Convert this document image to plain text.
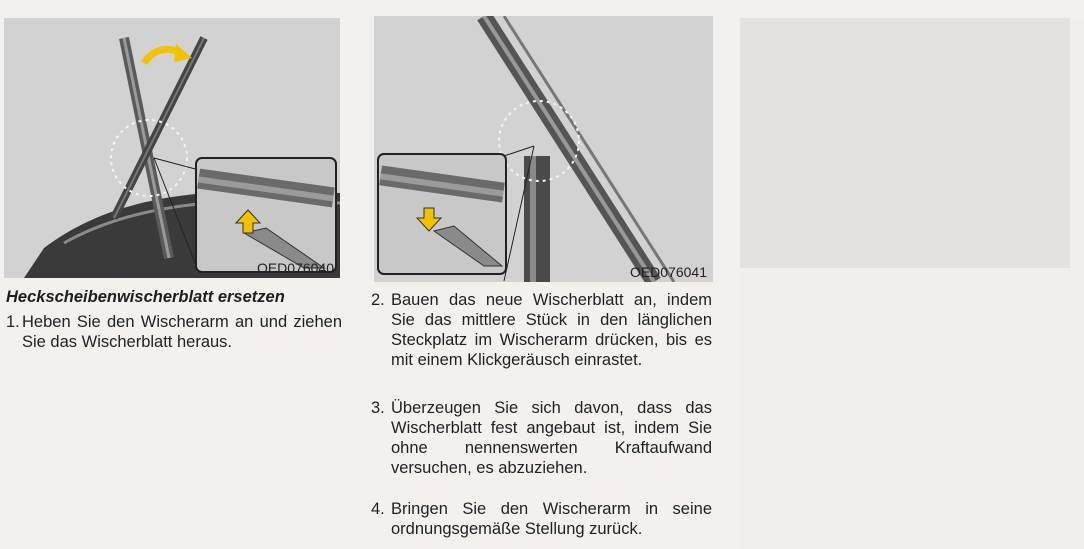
OED076040	OED076041
Heckscheibenwischerblatt ersetzen
1. Heben Sie den Wischerarm an und ziehen Sie das Wischerblatt heraus.
2. Bauen das neue Wischerblatt an, indem Sie das mittlere Stück in den länglichen Steckplatz im Wischerarm drücken, bis es mit einem Klickgeräusch einrastet.
3. Überzeugen Sie sich davon, dass das Wischerblatt fest angebaut ist, indem Sie ohne nennenswerten Kraftaufwand versuchen, es abzuziehen.
4. Bringen Sie den Wischerarm in seine ordnungsgemäße Stellung zurück.
